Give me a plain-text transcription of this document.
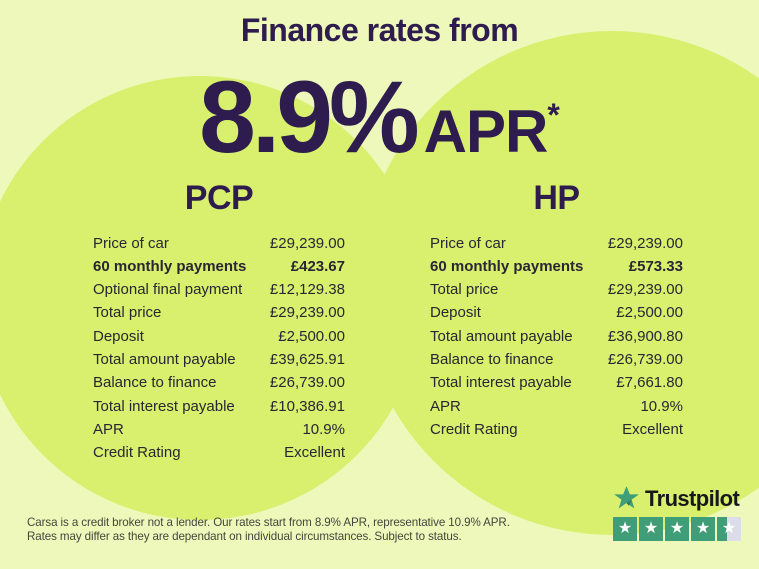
Finance rates from
8.9% APR*
PCP
Price of car	£29,239.00
60 monthly payments	£423.67
Optional final payment £12,129.38
Total price	£29,239.00
Deposit	£2,500.00
Total amount payable £39,625.91
Balance to finance	£26,739.00
Total interest payable £10,386.91
APR	10.9%
Credit Rating	Excellent
HP
Price of car	£29,239.00
60 monthly payments	£573.33
Total price	£29,239.00
Deposit	£2,500.00
Total amount payable £36,900.80
Balance to finance	£26,739.00
Total interest payable	£7,661.80
APR	10.9%
Credit Rating	Excellent
Carsa is a credit broker not a lender. Our rates start from 8.9% APR, representative 10.9% APR.
Rates may differ as they are dependant on individual circumstances. Subject to status.
Trustpilot
★ ★ ★ ★ ★
